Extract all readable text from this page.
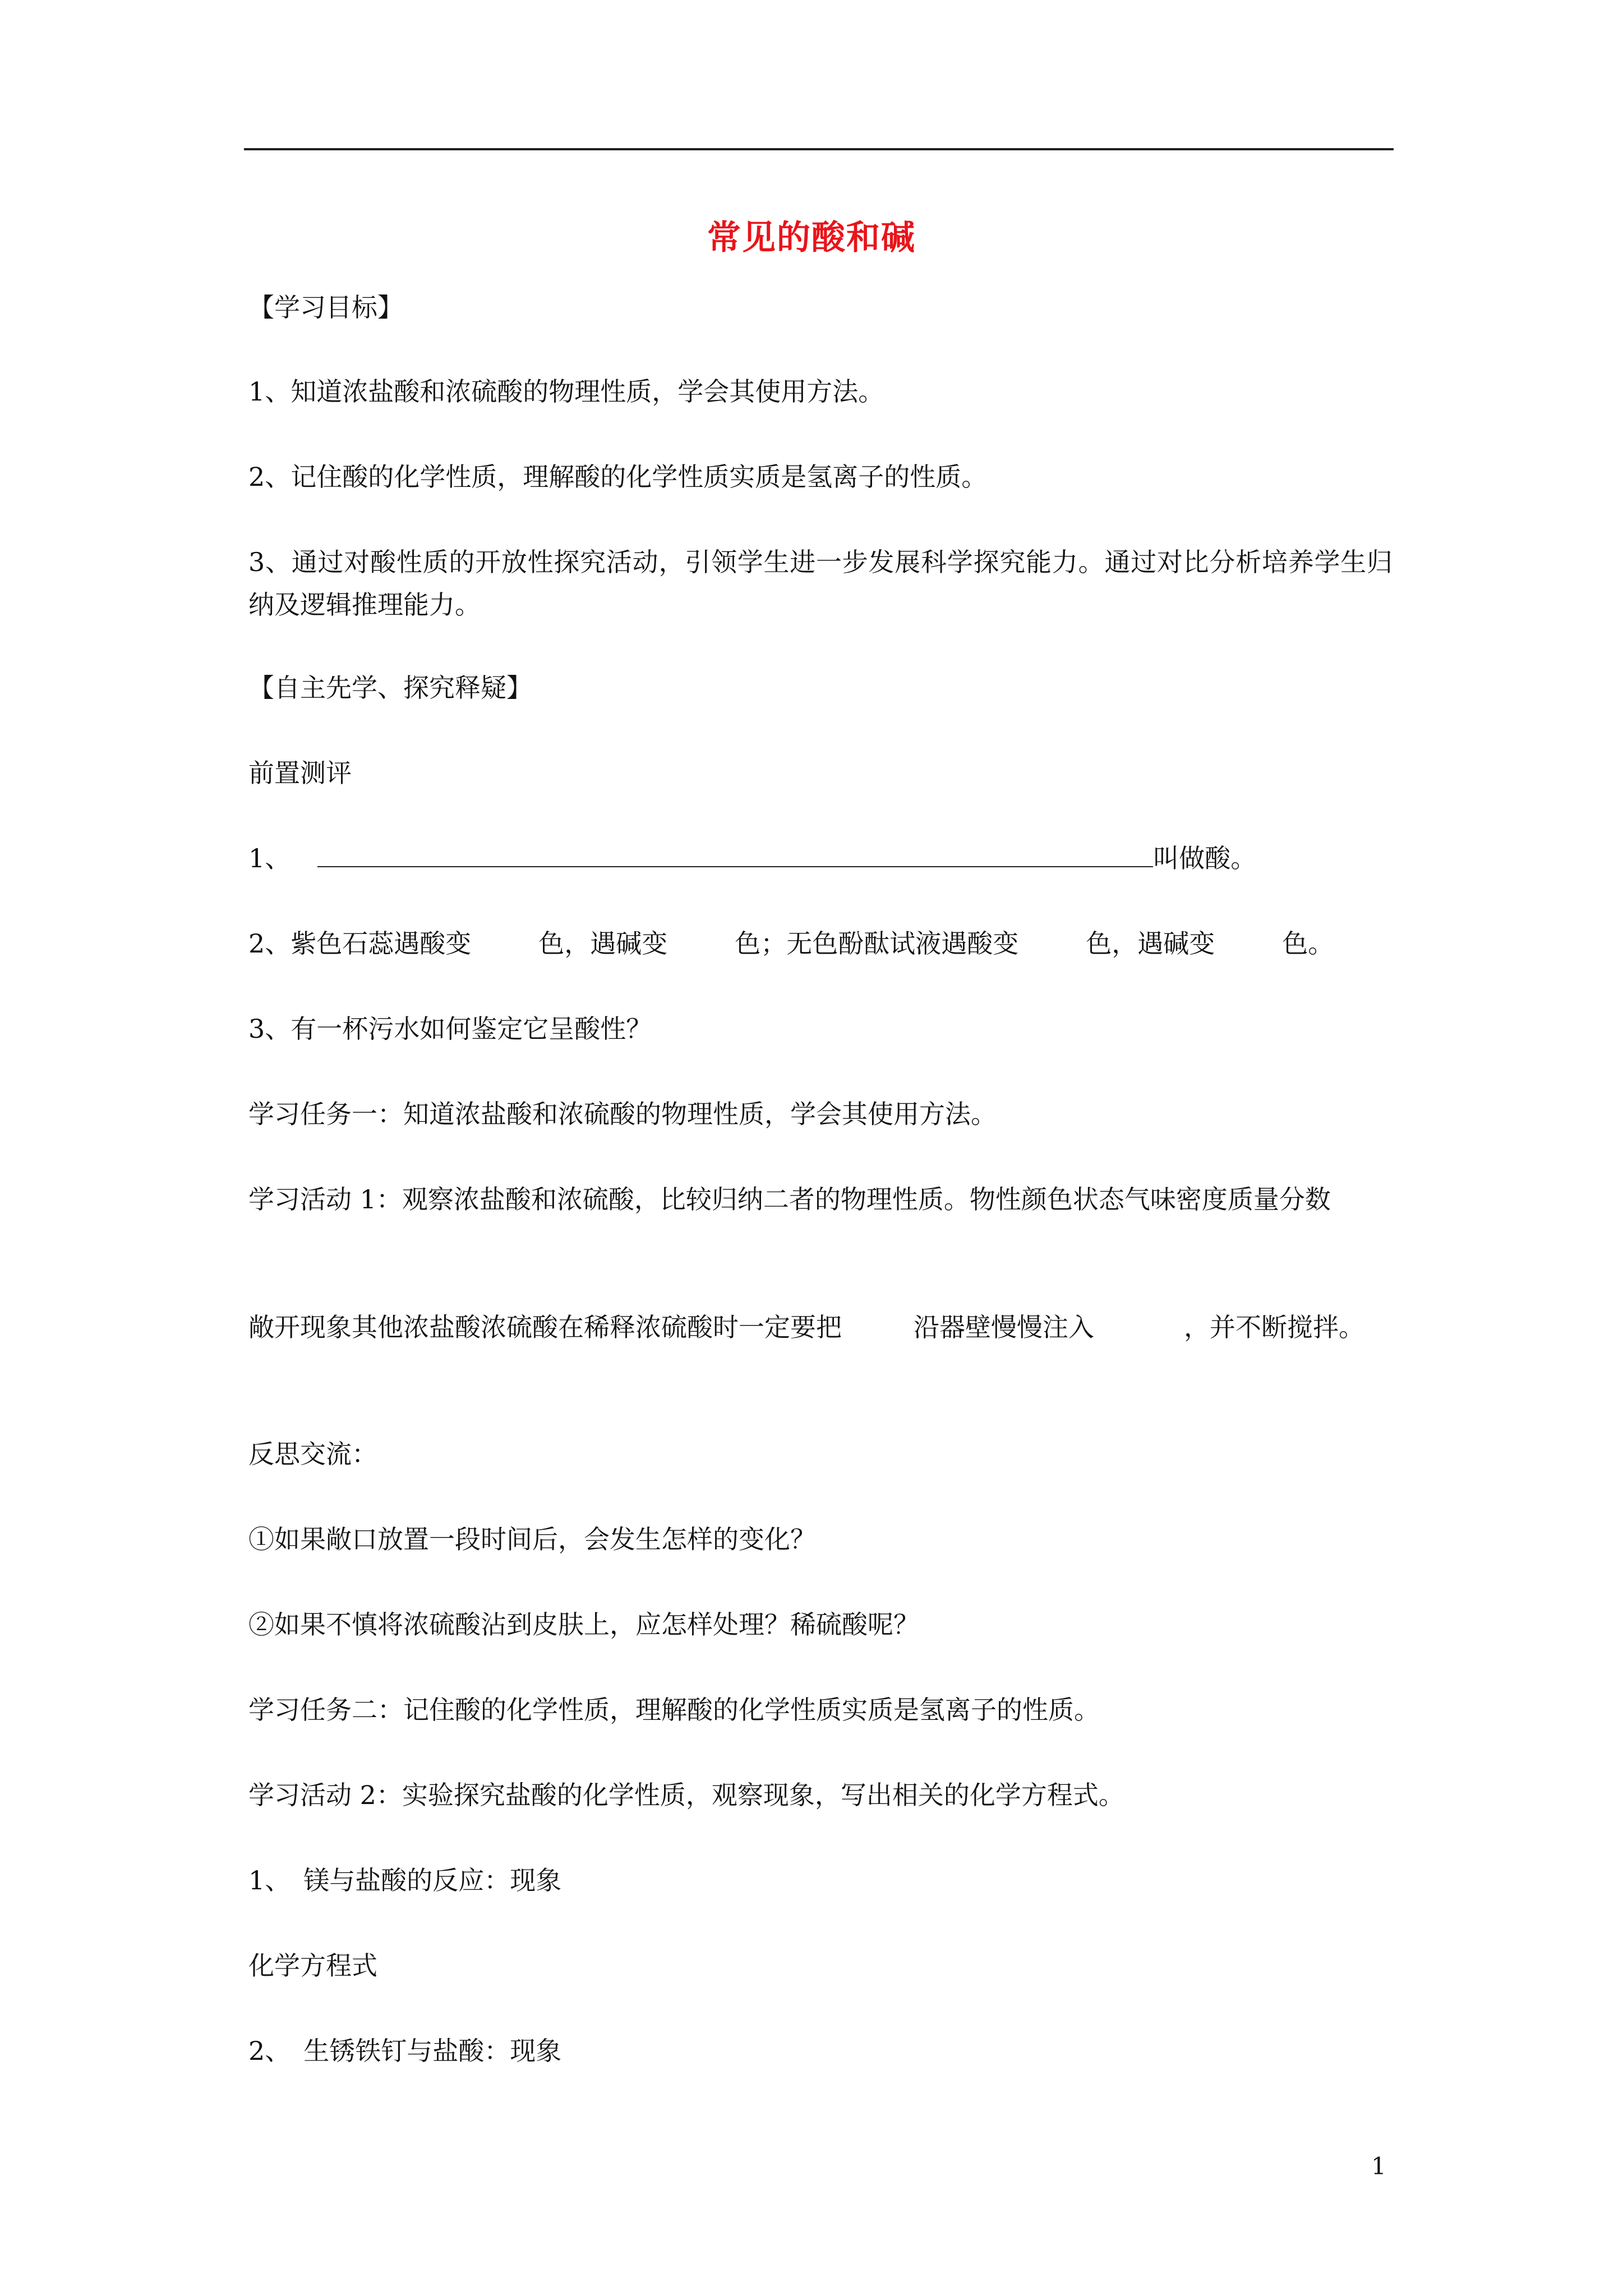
常见的酸和碱
【学习目标】
1、知道浓盐酸和浓硫酸的物理性质，学会其使用方法。
2、记住酸的化学性质，理解酸的化学性质实质是氢离子的性质。
3、通过对酸性质的开放性探究活动，引领学生进一步发展科学探究能力。通过对比分析培养学生归纳及逻辑推理能力。
【自主先学、探究释疑】
前置测评
1、	叫做酸。
2、紫色石蕊遇酸变	色，遇碱变	色；无色酚酞试液遇酸变	色，遇碱变	色。
3、有一杯污水如何鉴定它呈酸性？
学习任务一：知道浓盐酸和浓硫酸的物理性质，学会其使用方法。
学习活动 1：观察浓盐酸和浓硫酸，比较归纳二者的物理性质。物性颜色状态气味密度质量分数
敞开现象其他浓盐酸浓硫酸在稀释浓硫酸时一定要把	沿器壁慢慢注入	，并不断搅拌。
反思交流：
①如果敞口放置一段时间后，会发生怎样的变化？
②如果不慎将浓硫酸沾到皮肤上，应怎样处理？稀硫酸呢？
学习任务二：记住酸的化学性质，理解酸的化学性质实质是氢离子的性质。
学习活动 2：实验探究盐酸的化学性质，观察现象，写出相关的化学方程式。
1、　镁与盐酸的反应：现象
化学方程式
2、　生锈铁钉与盐酸：现象
1
